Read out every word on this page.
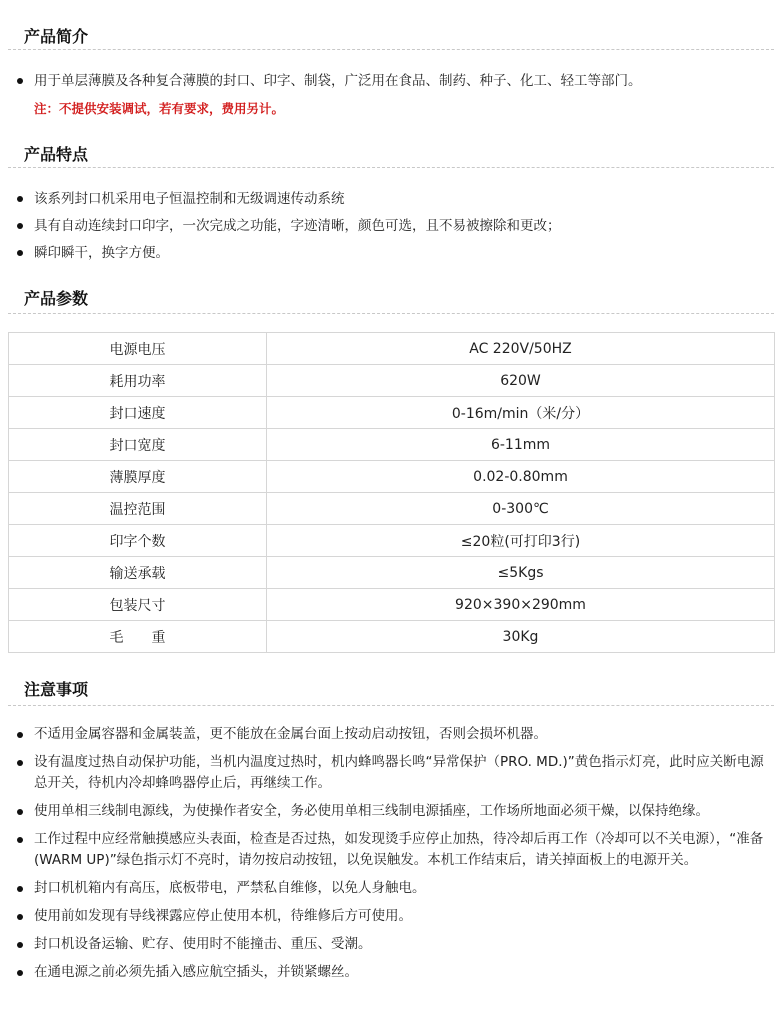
产品简介
用于单层薄膜及各种复合薄膜的封口、印字、制袋，广泛用在食品、制药、种子、化工、轻工等部门。
注：不提供安装调试，若有要求，费用另计。
产品特点
该系列封口机采用电子恒温控制和无级调速传动系统
具有自动连续封口印字，一次完成之功能，字迹清晰，颜色可选，且不易被擦除和更改；
瞬印瞬干，换字方便。
产品参数
电源电压	AC 220V/50HZ
耗用功率	620W
封口速度	0-16m/min（米/分）
封口宽度	6-11mm
薄膜厚度	0.02-0.80mm
温控范围	0-300℃
印字个数	≤20粒(可打印3行)
输送承载	≤5Kgs
包装尺寸	920×390×290mm
毛　　重	30Kg
注意事项
不适用金属容器和金属装盖，更不能放在金属台面上按动启动按钮，否则会损坏机器。
设有温度过热自动保护功能，当机内温度过热时，机内蜂鸣器长鸣“异常保护（PRO. MD.)”黄色指示灯亮，此时应关断电源总开关，待机内冷却蜂鸣器停止后，再继续工作。
使用单相三线制电源线，为使操作者安全，务必使用单相三线制电源插座，工作场所地面必须干燥，以保持绝缘。
工作过程中应经常触摸感应头表面，检查是否过热，如发现烫手应停止加热，待冷却后再工作（冷却可以不关电源），“准备(WARM UP)”绿色指示灯不亮时，请勿按启动按钮，以免误触发。本机工作结束后，请关掉面板上的电源开关。
封口机机箱内有高压，底板带电，严禁私自维修，以免人身触电。
使用前如发现有导线裸露应停止使用本机，待维修后方可使用。
封口机设备运输、贮存、使用时不能撞击、重压、受潮。
在通电源之前必须先插入感应航空插头，并锁紧螺丝。
